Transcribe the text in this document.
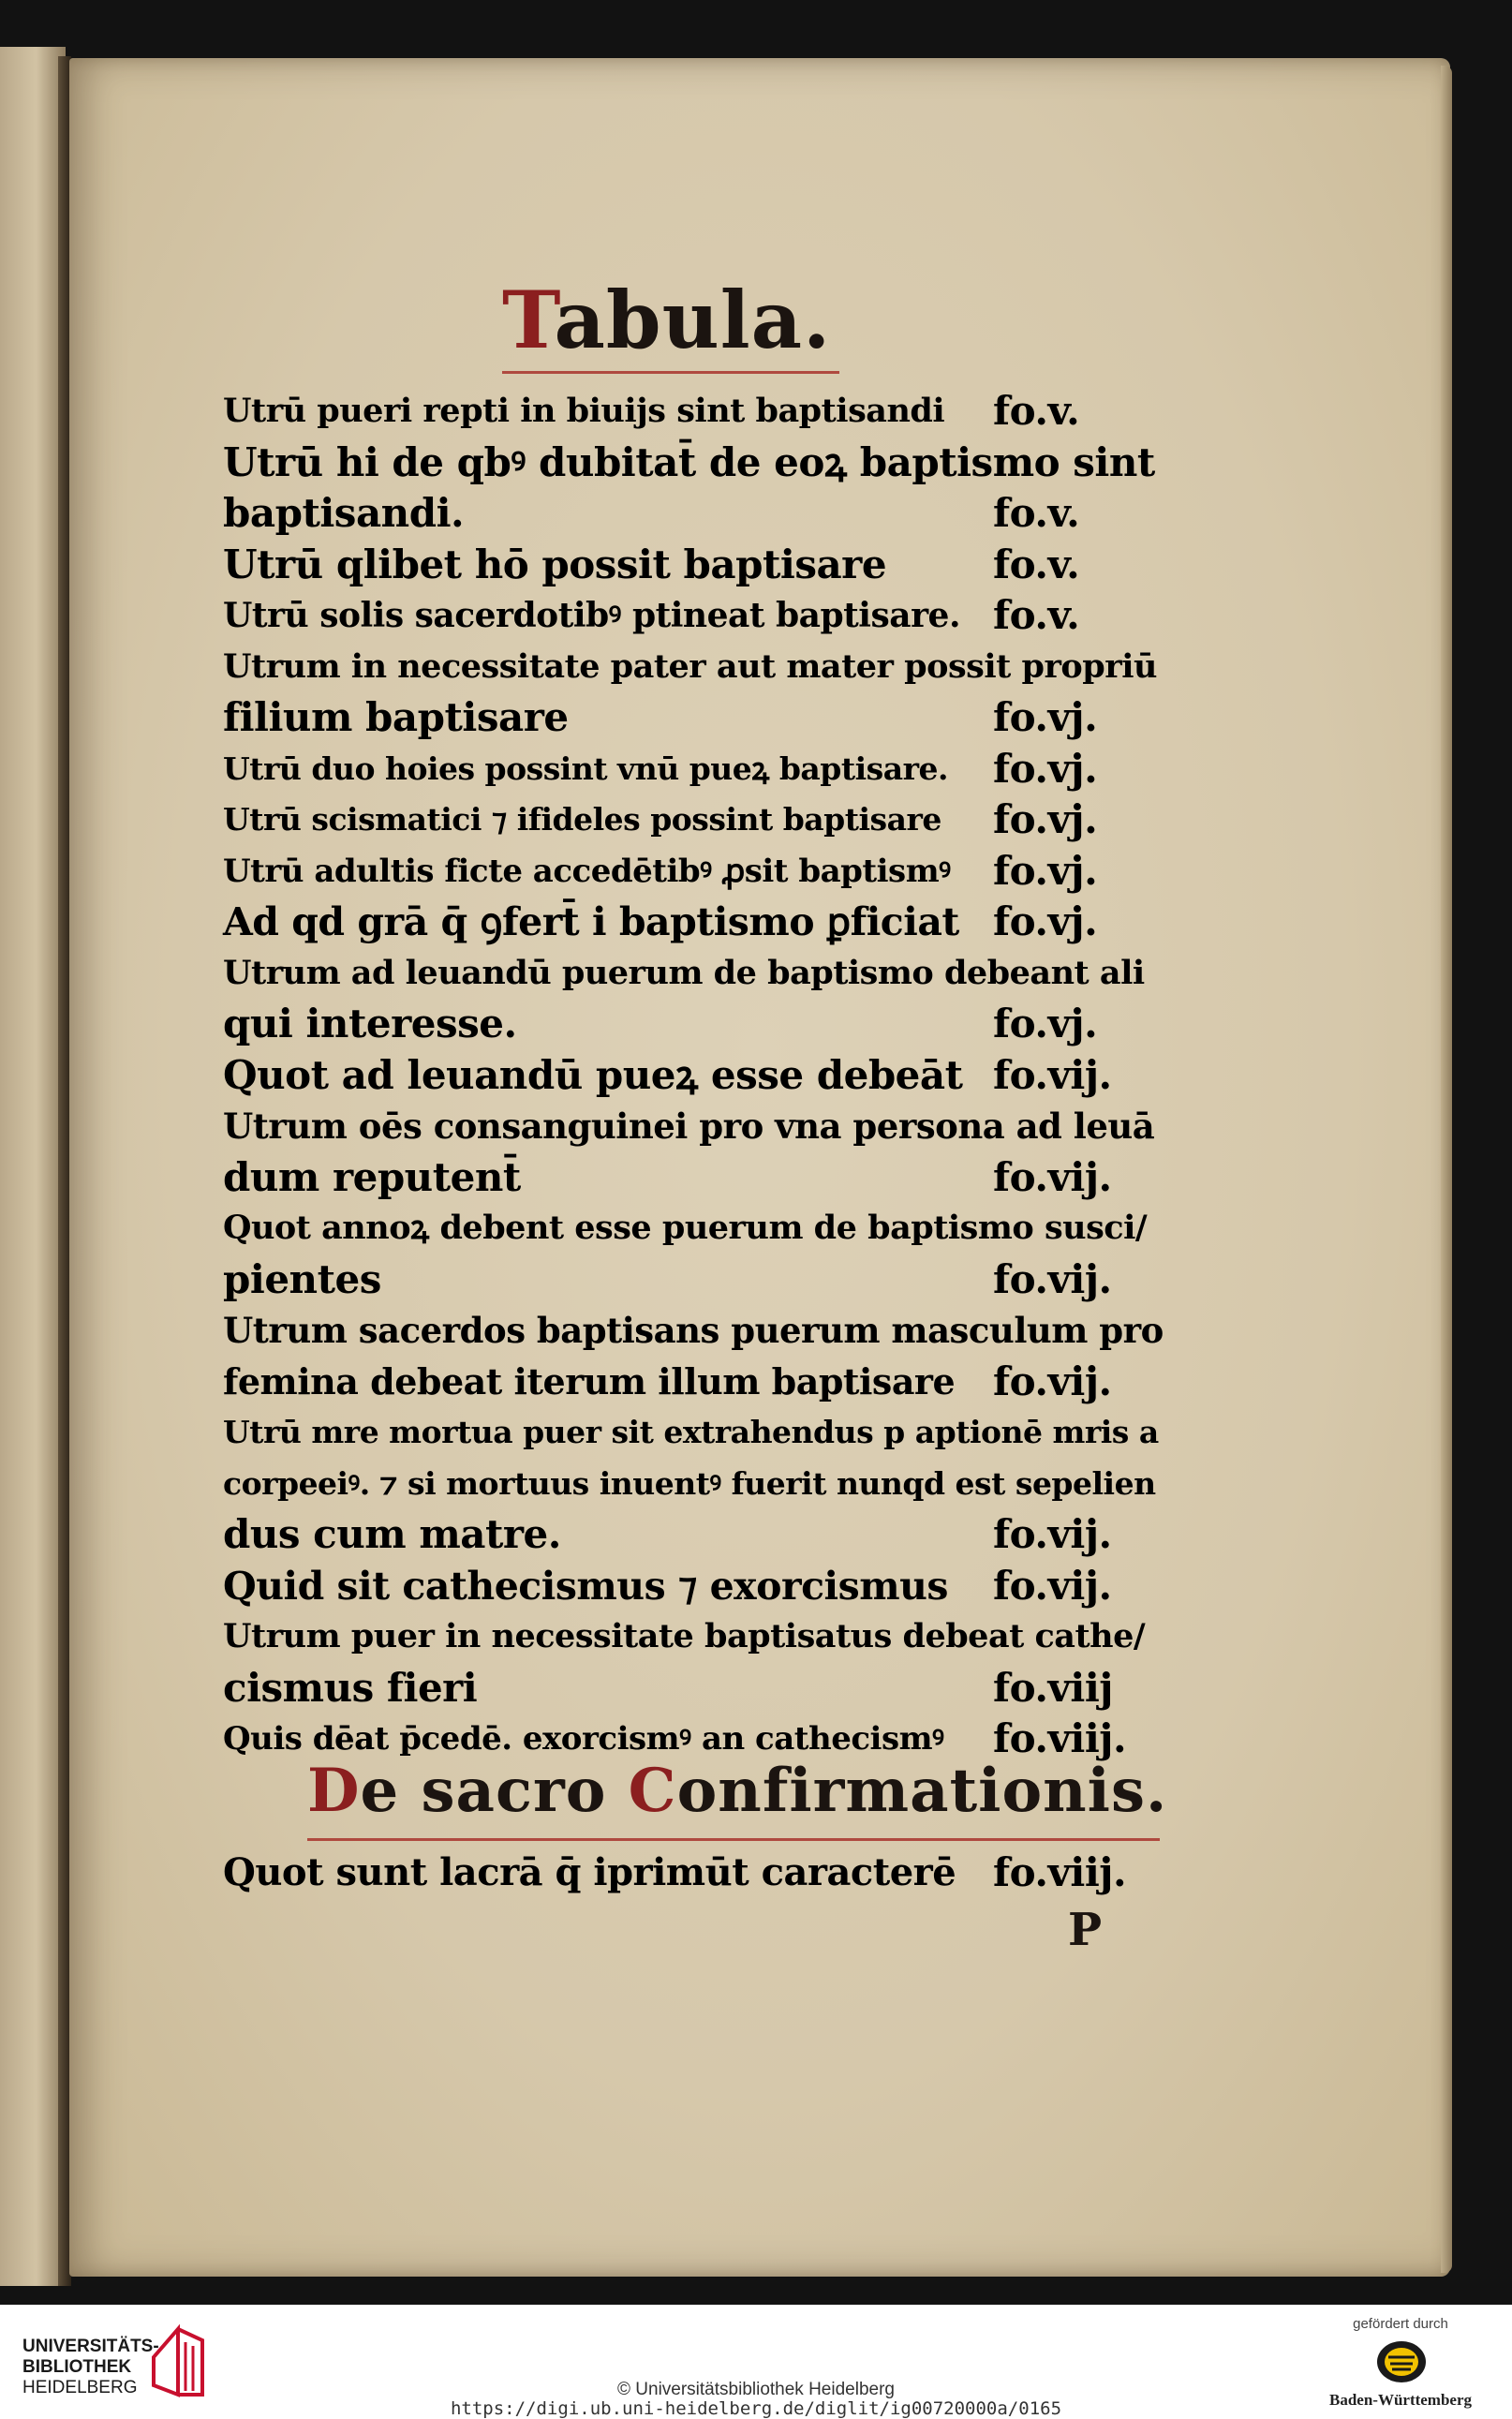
Tabula.
Utrū pueri repti in biuijs sint baptisandi fo.v.
Utrū hi de qbꝰ dubitat̄ de eoꝝ baptismo sint
baptisandi.	fo.v.
Utrū qlibet hō possit baptisare	fo.v.
Utrū solis sacerdotibꝰ ptineat baptisare. fo.v.
Utrum in necessitate pater aut mater possit propriū
filium baptisare	fo.vj.
Utrū duo hoies possint vnū pueꝝ baptisare. fo.vj.
Utrū scismatici ⁊ ifideles possint baptisare fo.vj.
Utrū adultis ficte accedētibꝰ ꝓsit baptismꝰ fo.vj.
Ad qd grā q̄ ꝯfert̄ i baptismo ꝑficiat fo.vj.
Utrum ad leuandū puerum de baptismo debeant ali
qui interesse.	fo.vj.
Quot ad leuandū pueꝝ esse debeāt fo.vij.
Utrum oēs consanguinei pro vna persona ad leuā
dum reputent̄	fo.vij.
Quot annoꝝ debent esse puerum de baptismo susci/
pientes	fo.vij.
Utrum sacerdos baptisans puerum masculum pro
femina debeat iterum illum baptisare fo.vij.
Utrū mre mortua puer sit extrahendus p aptionē mris a
corpeeiꝰ. ⁊ si mortuus inuentꝰ fuerit nunqd est sepelien
dus cum matre.	fo.vij.
Quid sit cathecismus ⁊ exorcismus fo.vij.
Utrum puer in necessitate baptisatus debeat cathe/
cismus fieri	fo.viij
Quis dēat p̄cedē. exorcismꝰ an cathecismꝰ fo.viij.
De sacro Confirmationis.
Quot sunt lacrā q̄ iprimūt caracterē fo.viij.
P
UNIVERSITÄTS-
BIBLIOTHEK
HEIDELBERG	© Universitätsbibliothek Heidelberg
https://digi.ub.uni-heidelberg.de/diglit/ig00720000a/0165
gefördert durch
Baden-Württemberg
